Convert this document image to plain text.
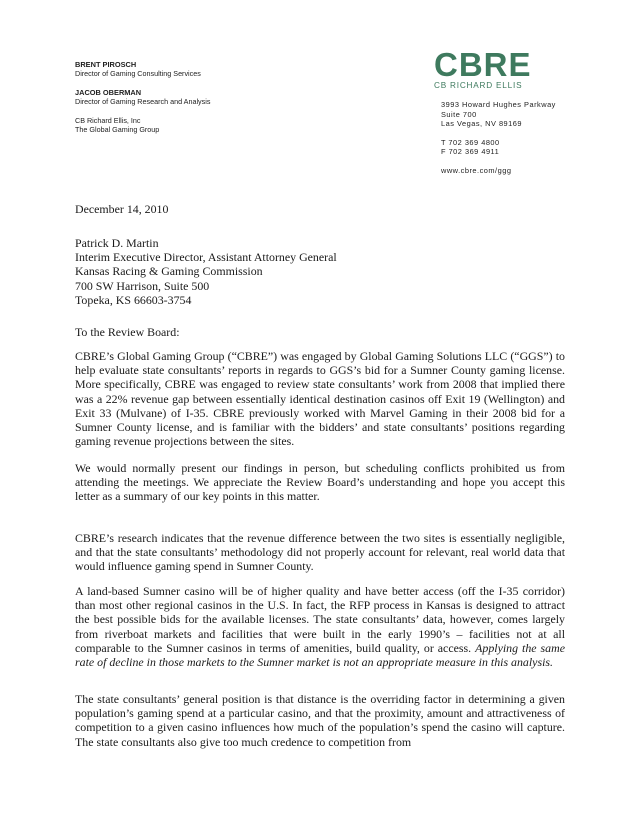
BRENT PIROSCH
Director of Gaming Consulting Services
JACOB OBERMAN
Director of Gaming Research and Analysis
CB Richard Ellis, Inc
The Global Gaming Group
CBRE
CB RICHARD ELLIS
3993 Howard Hughes Parkway
Suite 700
Las Vegas, NV 89169
T 702 369 4800
F 702 369 4911
www.cbre.com/ggg
December 14, 2010
Patrick D. Martin
Interim Executive Director, Assistant Attorney General
Kansas Racing & Gaming Commission
700 SW Harrison, Suite 500
Topeka, KS 66603-3754
To the Review Board:

CBRE’s Global Gaming Group (“CBRE”) was engaged by Global Gaming Solutions LLC (“GGS”) to help evaluate state consultants’ reports in regards to GGS’s bid for a Sumner County gaming license. More specifically, CBRE was engaged to review state consultants’ work from 2008 that implied there was a 22% revenue gap between essentially identical destination casinos off Exit 19 (Wellington) and Exit 33 (Mulvane) of I-35. CBRE previously worked with Marvel Gaming in their 2008 bid for a Sumner County license, and is familiar with the bidders’ and state consultants’ positions regarding gaming revenue projections between the sites.

We would normally present our findings in person, but scheduling conflicts prohibited us from attending the meetings. We appreciate the Review Board’s understanding and hope you accept this letter as a summary of our key points in this matter.

CBRE’s research indicates that the revenue difference between the two sites is essentially negligible, and that the state consultants’ methodology did not properly account for relevant, real world data that would influence gaming spend in Sumner County.

A land-based Sumner casino will be of higher quality and have better access (off the I-35 corridor) than most other regional casinos in the U.S. In fact, the RFP process in Kansas is designed to attract the best possible bids for the available licenses. The state consultants’ data, however, comes largely from riverboat markets and facilities that were built in the early 1990’s – facilities not at all comparable to the Sumner casinos in terms of amenities, build quality, or access. Applying the same rate of decline in those markets to the Sumner market is not an appropriate measure in this analysis.

The state consultants’ general position is that distance is the overriding factor in determining a given population’s gaming spend at a particular casino, and that the proximity, amount and attractiveness of competition to a given casino influences how much of the population’s spend the casino will capture. The state consultants also give too much credence to competition from
